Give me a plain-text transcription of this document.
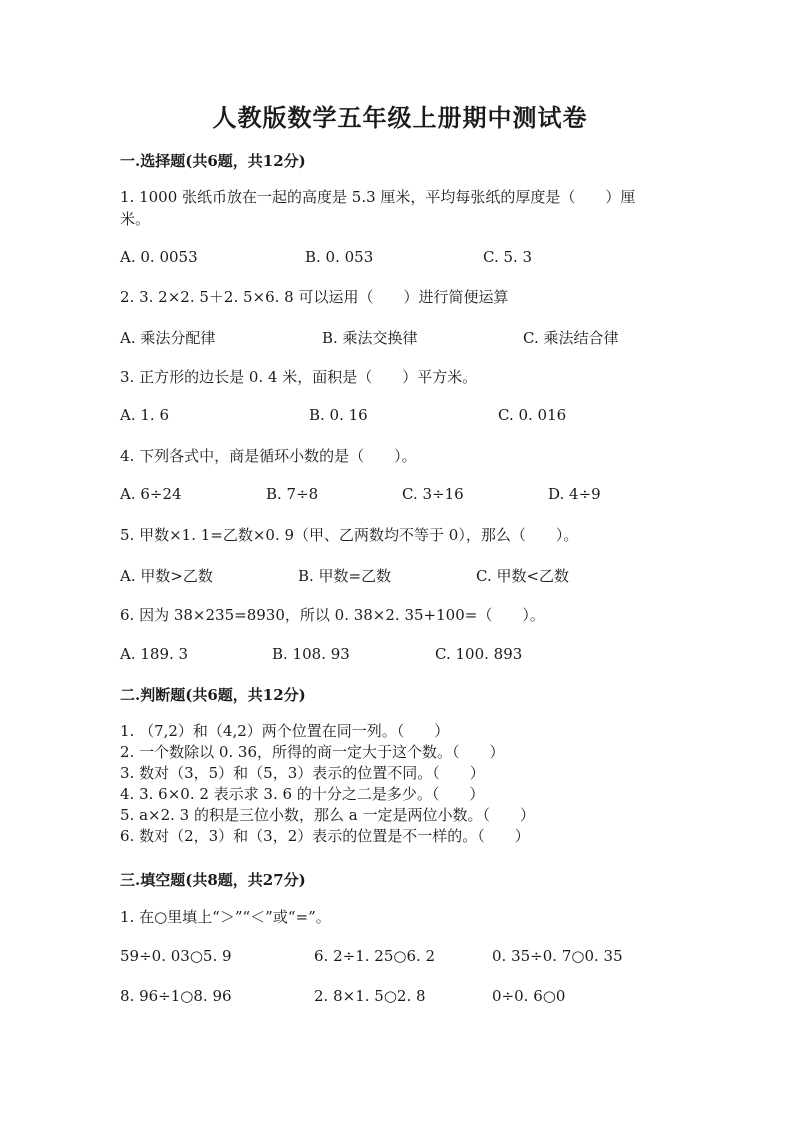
人教版数学五年级上册期中测试卷
一.选择题(共6题，共12分)
1. 1000 张纸币放在一起的高度是 5.3 厘米，平均每张纸的厚度是（　　）厘
米。
A. 0. 0053	B. 0. 053	C. 5. 3
2. 3. 2×2. 5＋2. 5×6. 8 可以运用（　　）进行简便运算
A. 乘法分配律	B. 乘法交换律	C. 乘法结合律
3. 正方形的边长是 0. 4 米，面积是（　　）平方米。
A. 1. 6	B. 0. 16	C. 0. 016
4. 下列各式中，商是循环小数的是（　　）。
A. 6÷24	B. 7÷8	C. 3÷16	D. 4÷9
5. 甲数×1. 1=乙数×0. 9（甲、乙两数均不等于 0），那么（　　）。
A. 甲数>乙数	B. 甲数=乙数	C. 甲数<乙数
6. 因为 38×235=8930，所以 0. 38×2. 35+100=（　　）。
A. 189. 3	B. 108. 93	C. 100. 893
二.判断题(共6题，共12分)
1. （7,2）和（4,2）两个位置在同一列。（　　）
2. 一个数除以 0. 36，所得的商一定大于这个数。（　　）
3. 数对（3，5）和（5，3）表示的位置不同。（　　）
4. 3. 6×0. 2 表示求 3. 6 的十分之二是多少。（　　）
5. a×2. 3 的积是三位小数，那么 a 一定是两位小数。（　　）
6. 数对（2，3）和（3，2）表示的位置是不一样的。（　　）
三.填空题(共8题，共27分)
1. 在○里填上“＞”“＜”或“=”。
59÷0. 03○5. 9	6. 2÷1. 25○6. 2	0. 35÷0. 7○0. 35
8. 96÷1○8. 96	2. 8×1. 5○2. 8	0÷0. 6○0
